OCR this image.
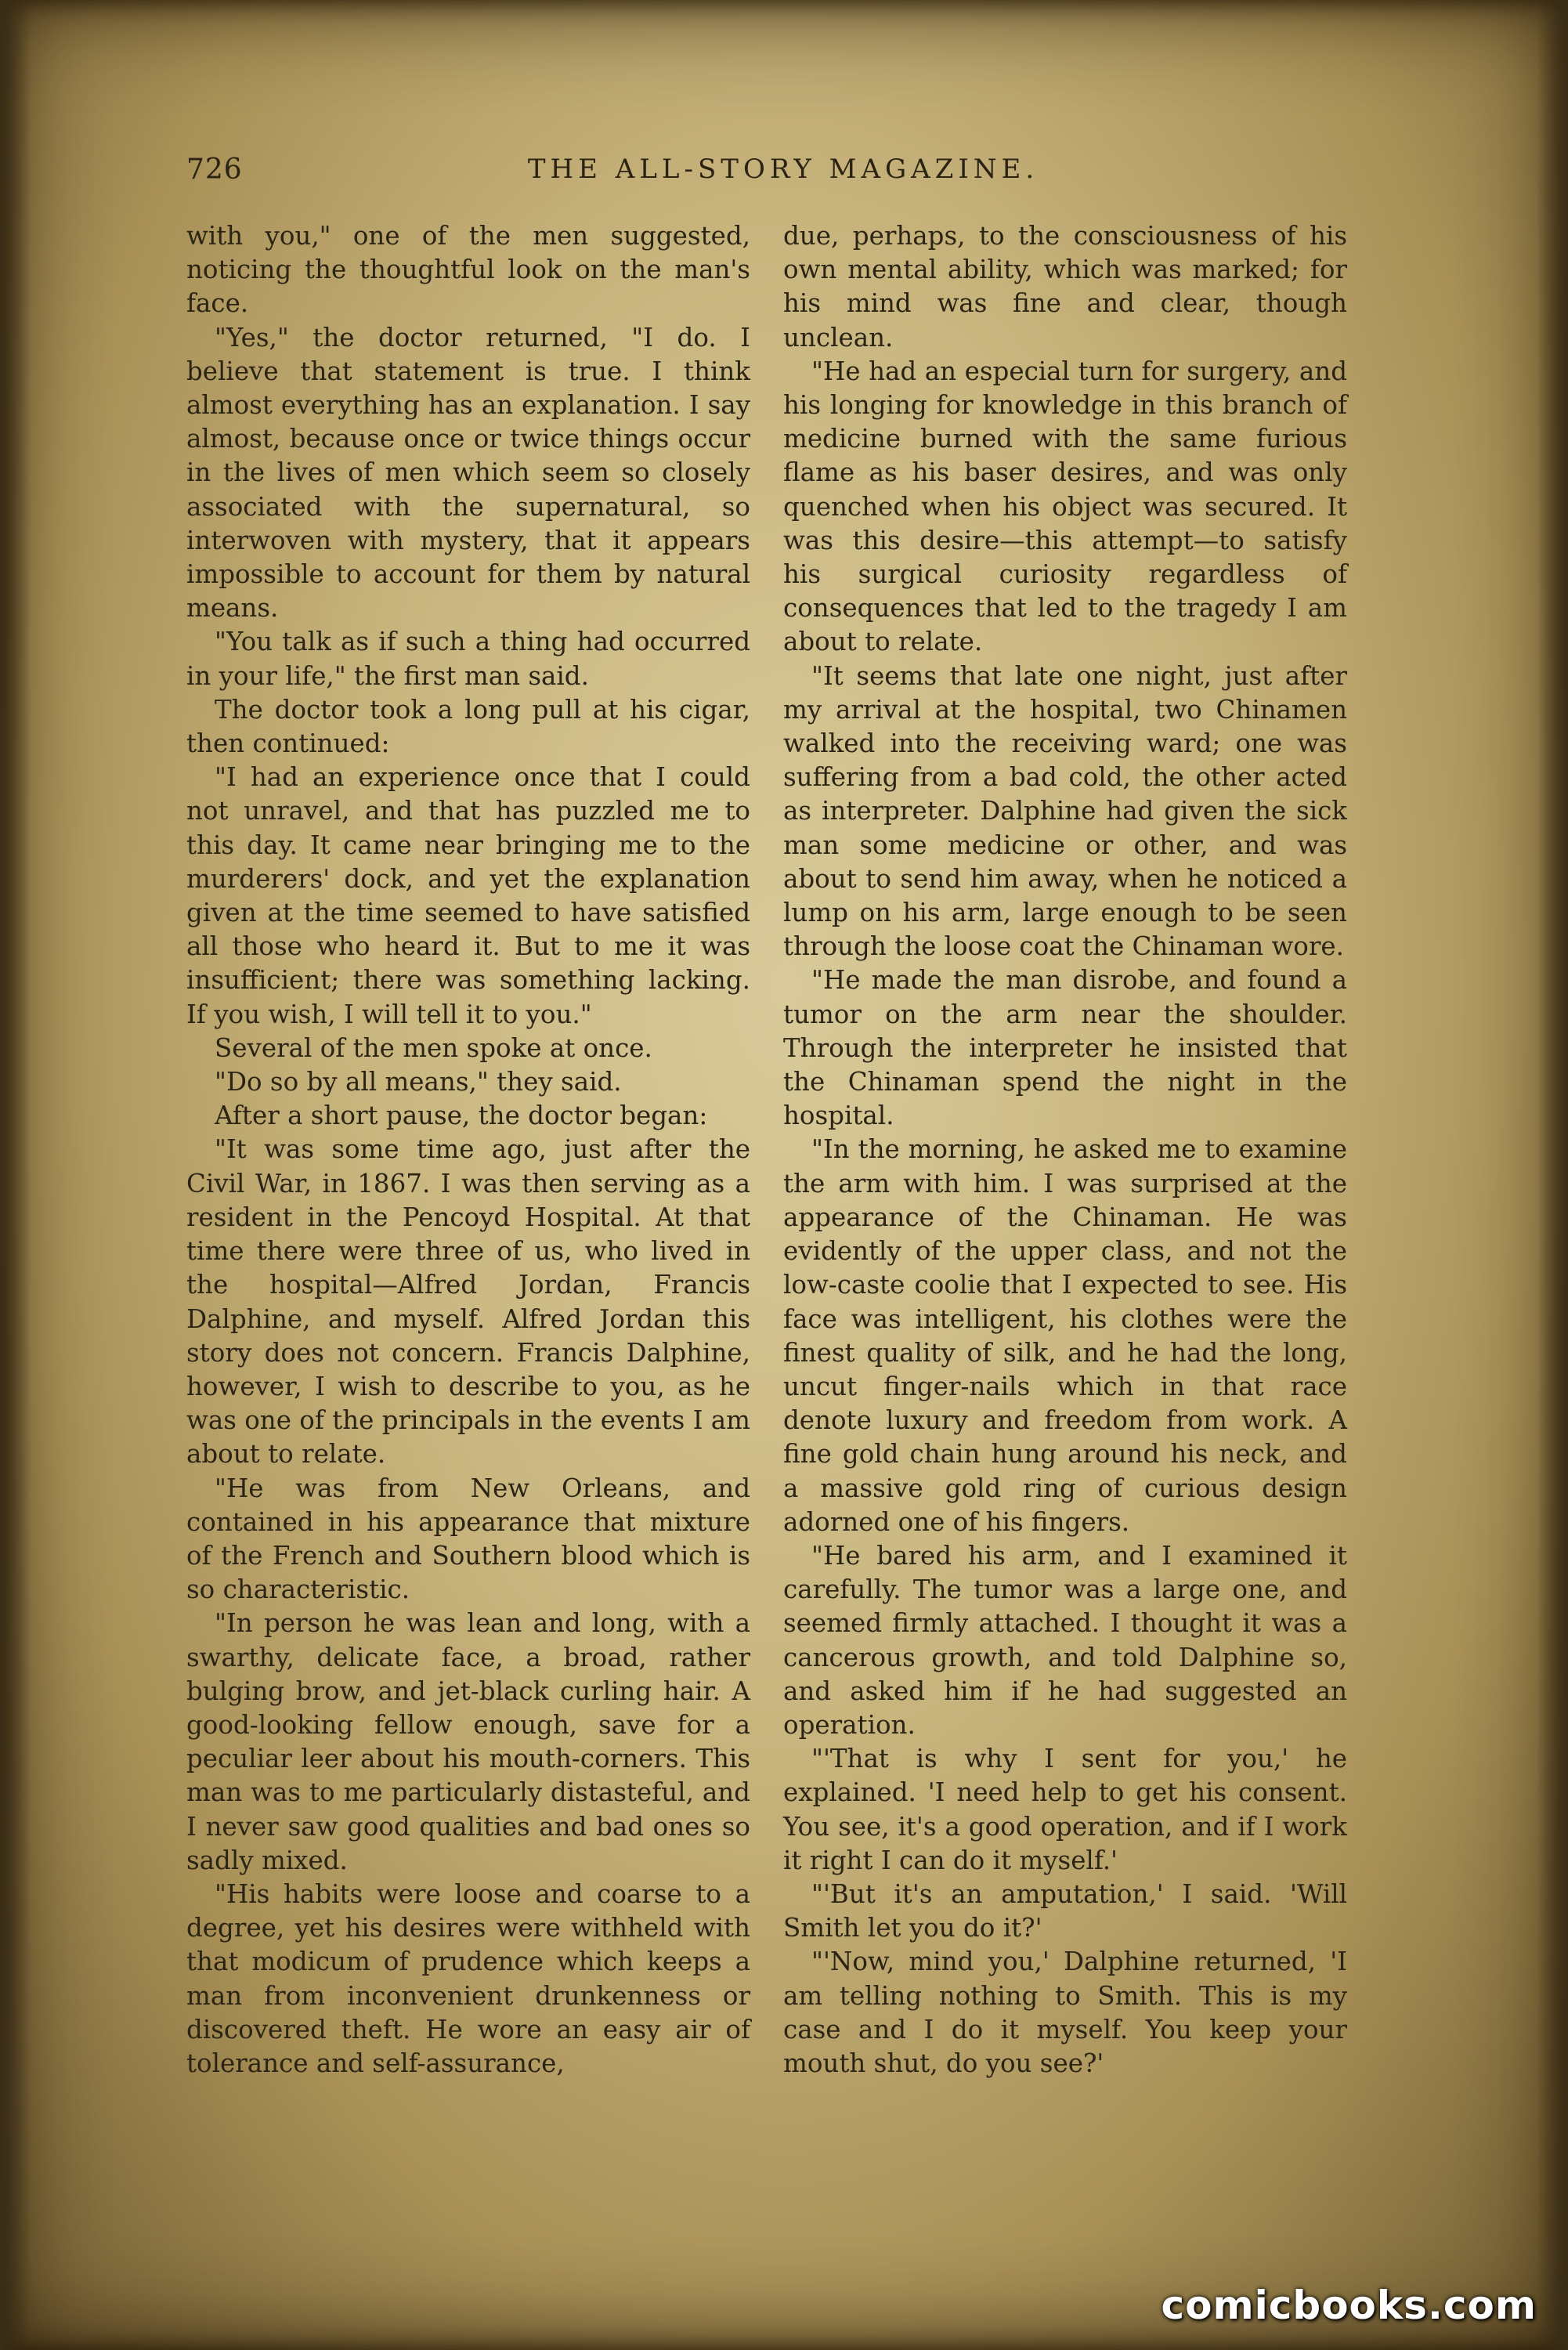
726	THE ALL-STORY MAGAZINE.

with you," one of the men suggested, noticing the thoughtful look on the man's face.

"Yes," the doctor returned, "I do. I believe that statement is true. I think almost everything has an explanation. I say almost, because once or twice things occur in the lives of men which seem so closely associated with the supernatural, so interwoven with mystery, that it appears impossible to account for them by natural means.

"You talk as if such a thing had occurred in your life," the first man said.

The doctor took a long pull at his cigar, then continued:

"I had an experience once that I could not unravel, and that has puzzled me to this day. It came near bringing me to the murderers' dock, and yet the explanation given at the time seemed to have satisfied all those who heard it. But to me it was insufficient; there was something lacking. If you wish, I will tell it to you."

Several of the men spoke at once.

"Do so by all means," they said.

After a short pause, the doctor began:

"It was some time ago, just after the Civil War, in 1867. I was then serving as a resident in the Pencoyd Hospital. At that time there were three of us, who lived in the hospital—Alfred Jordan, Francis Dalphine, and myself. Alfred Jordan this story does not concern. Francis Dalphine, however, I wish to describe to you, as he was one of the principals in the events I am about to relate.

"He was from New Orleans, and contained in his appearance that mixture of the French and Southern blood which is so characteristic.

"In person he was lean and long, with a swarthy, delicate face, a broad, rather bulging brow, and jet-black curling hair. A good-looking fellow enough, save for a peculiar leer about his mouth-corners. This man was to me particularly distasteful, and I never saw good qualities and bad ones so sadly mixed.

"His habits were loose and coarse to a degree, yet his desires were withheld with that modicum of prudence which keeps a man from inconvenient drunkenness or discovered theft. He wore an easy air of tolerance and self-assurance,

due, perhaps, to the consciousness of his own mental ability, which was marked; for his mind was fine and clear, though unclean.

"He had an especial turn for surgery, and his longing for knowledge in this branch of medicine burned with the same furious flame as his baser desires, and was only quenched when his object was secured. It was this desire—this attempt—to satisfy his surgical curiosity regardless of consequences that led to the tragedy I am about to relate.

"It seems that late one night, just after my arrival at the hospital, two Chinamen walked into the receiving ward; one was suffering from a bad cold, the other acted as interpreter. Dalphine had given the sick man some medicine or other, and was about to send him away, when he noticed a lump on his arm, large enough to be seen through the loose coat the Chinaman wore.

"He made the man disrobe, and found a tumor on the arm near the shoulder. Through the interpreter he insisted that the Chinaman spend the night in the hospital.

"In the morning, he asked me to examine the arm with him. I was surprised at the appearance of the Chinaman. He was evidently of the upper class, and not the low-caste coolie that I expected to see. His face was intelligent, his clothes were the finest quality of silk, and he had the long, uncut finger-nails which in that race denote luxury and freedom from work. A fine gold chain hung around his neck, and a massive gold ring of curious design adorned one of his fingers.

"He bared his arm, and I examined it carefully. The tumor was a large one, and seemed firmly attached. I thought it was a cancerous growth, and told Dalphine so, and asked him if he had suggested an operation.

"'That is why I sent for you,' he explained. 'I need help to get his consent. You see, it's a good operation, and if I work it right I can do it myself.'

"'But it's an amputation,' I said. 'Will Smith let you do it?'

"'Now, mind you,' Dalphine returned, 'I am telling nothing to Smith. This is my case and I do it myself. You keep your mouth shut, do you see?'

comicbooks.com
